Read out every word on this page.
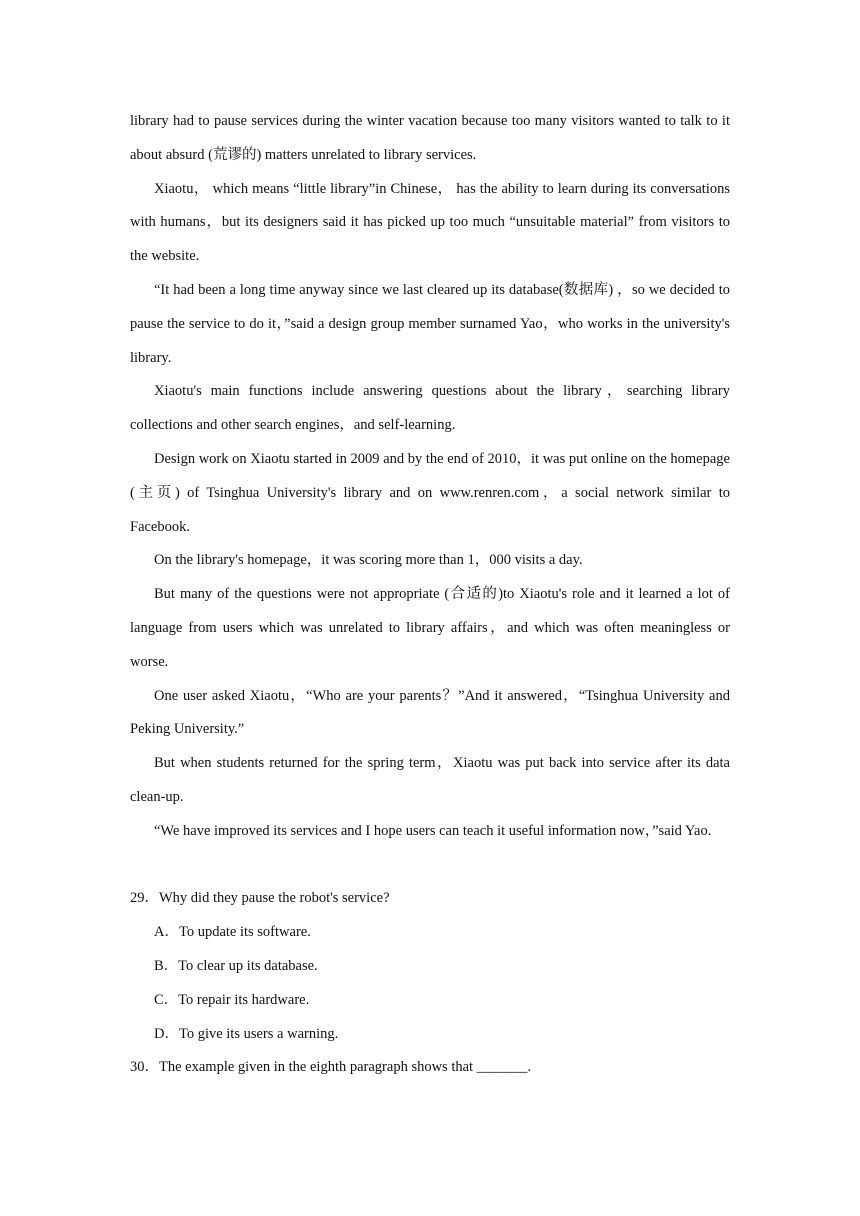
library had to pause services during the winter vacation because too many visitors wanted to talk to it about absurd (荒谬的) matters unrelated to library services.

Xiaotu， which means “little library”in Chinese， has the ability to learn during its conversations with humans，but its designers said it has picked up too much “unsuitable material” from visitors to the website.

“It had been a long time anyway since we last cleared up its database(数据库) ，so we decided to pause the service to do it，”said a design group member surnamed Yao，who works in the university's library.

Xiaotu's main functions include answering questions about the library，searching library collections and other search engines，and self-learning.

Design work on Xiaotu started in 2009 and by the end of 2010，it was put online on the homepage (主页) of Tsinghua University's library and on www.renren.com，a social network similar to Facebook.

On the library's homepage，it was scoring more than 1，000 visits a day.

But many of the questions were not appropriate (合适的)to Xiaotu's role and it learned a lot of language from users which was unrelated to library affairs，and which was often meaningless or worse.

One user asked Xiaotu，“Who are your parents？”And it answered，“Tsinghua University and Peking University.”

But when students returned for the spring term，Xiaotu was put back into service after its data clean-up.

“We have improved its services and I hope users can teach it useful information now，”said Yao.

29．Why did they pause the robot's service?

A．To update its software.

B．To clear up its database.

C．To repair its hardware.

D．To give its users a warning.

30．The example given in the eighth paragraph shows that _______.
